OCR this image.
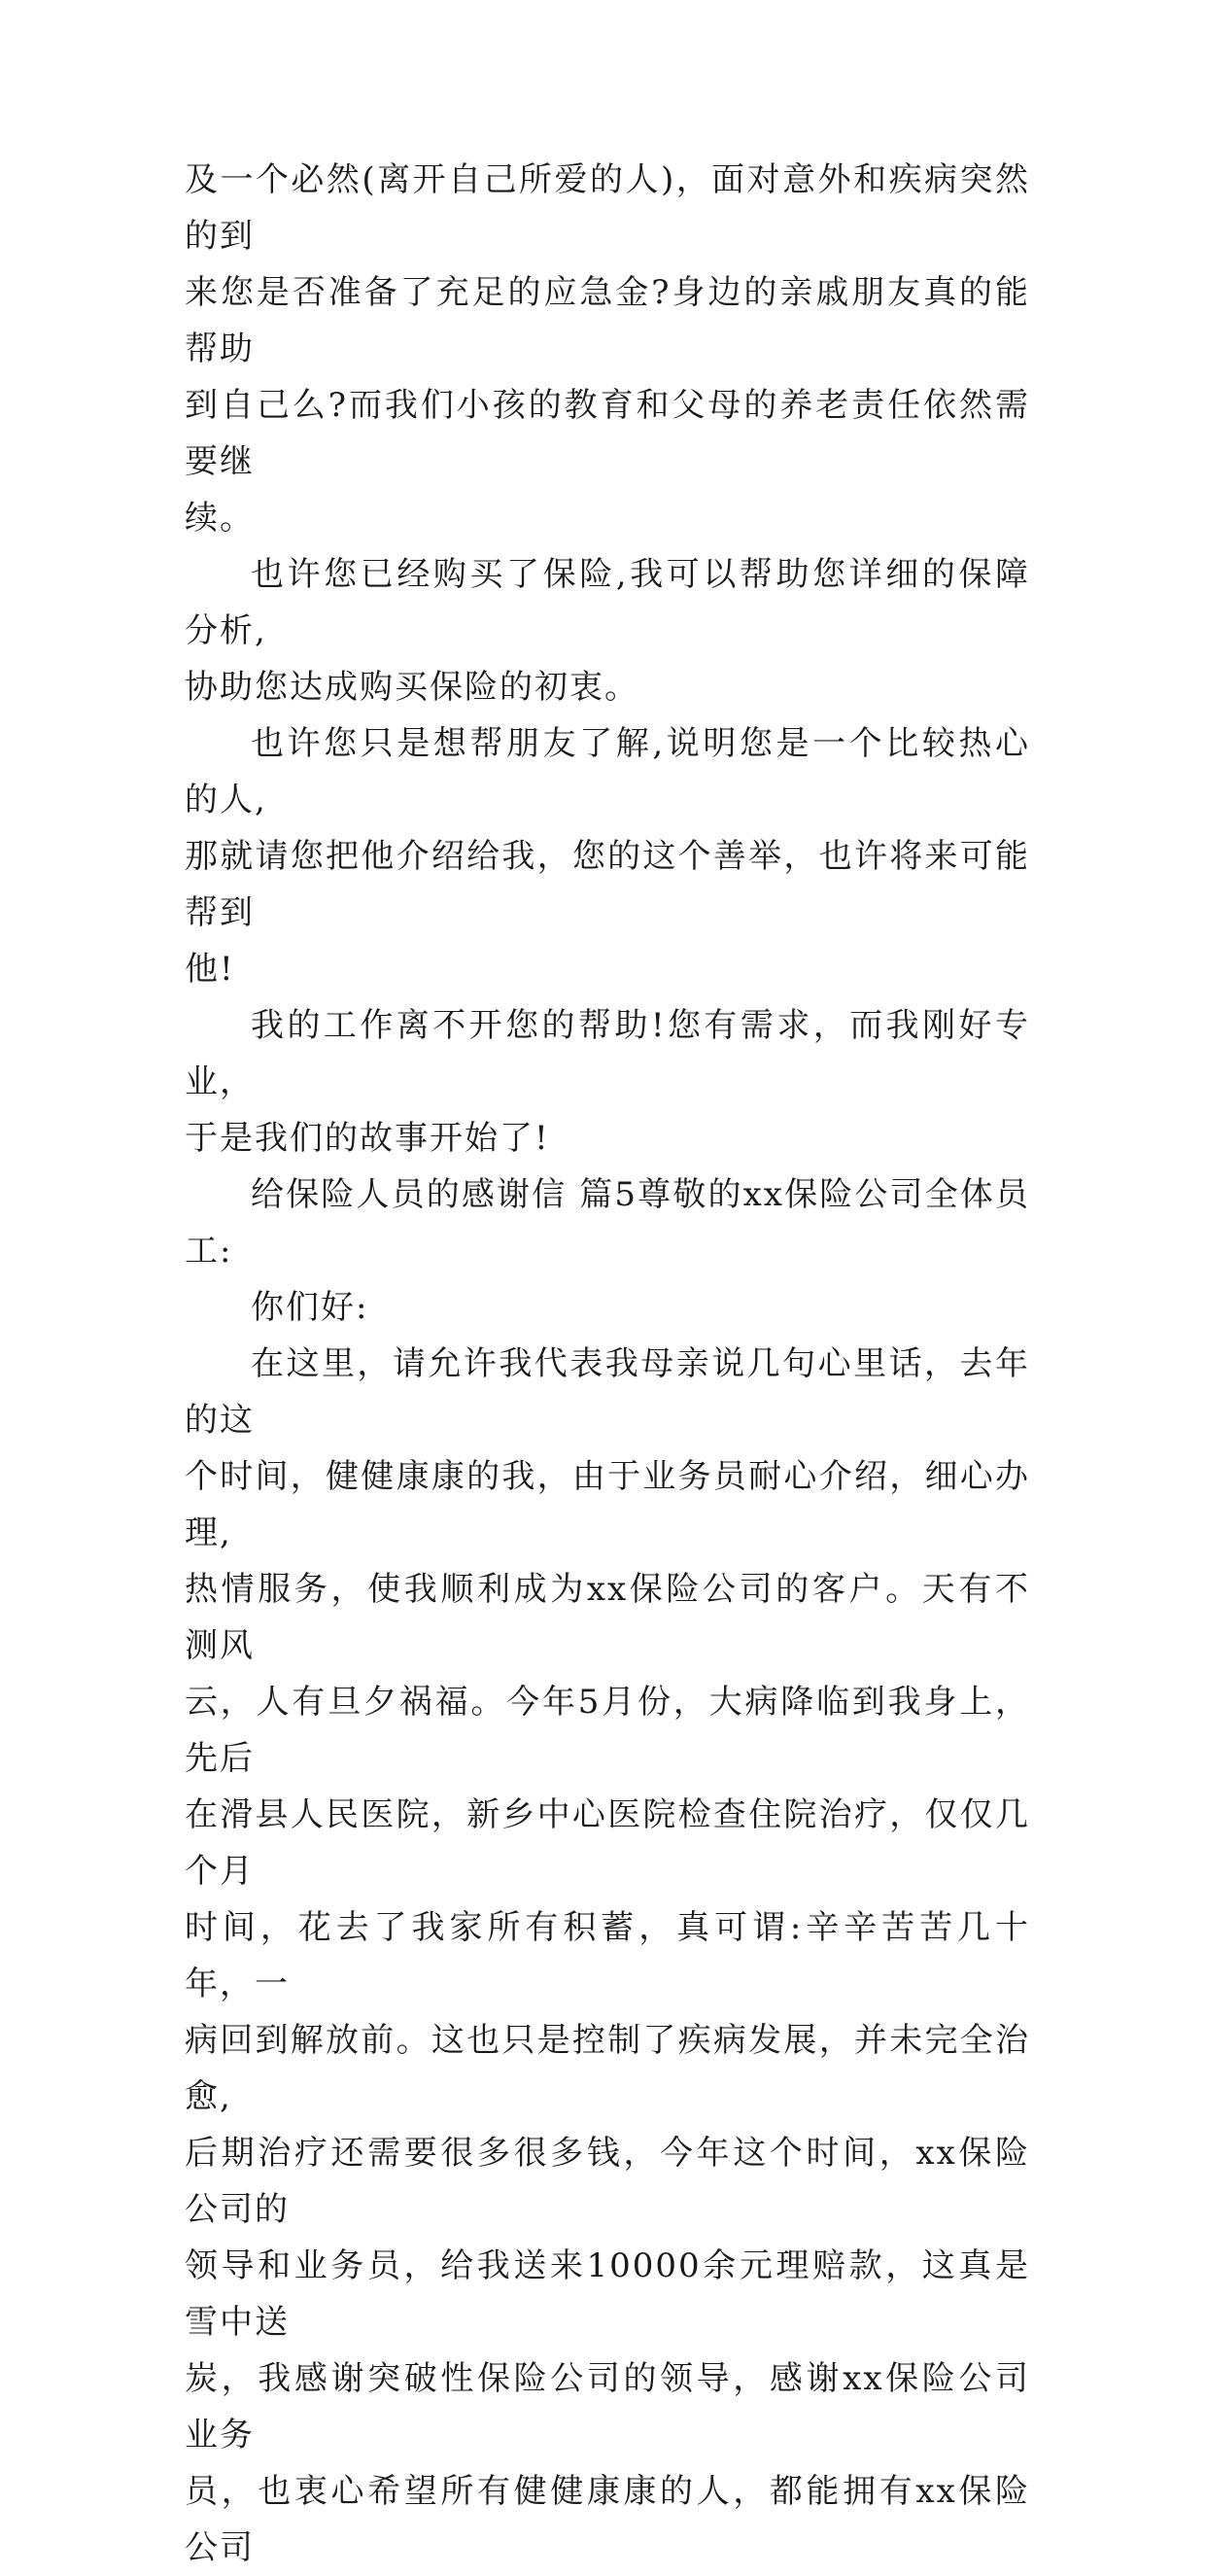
及一个必然(离开自己所爱的人)，面对意外和疾病突然的到
来您是否准备了充足的应急金?身边的亲戚朋友真的能帮助
到自己么?而我们小孩的教育和父母的养老责任依然需要继
续。

也许您已经购买了保险,我可以帮助您详细的保障分析,
协助您达成购买保险的初衷。

也许您只是想帮朋友了解,说明您是一个比较热心的人,
那就请您把他介绍给我，您的这个善举，也许将来可能帮到
他!

我的工作离不开您的帮助!您有需求，而我刚好专业，
于是我们的故事开始了!

给保险人员的感谢信 篇5尊敬的xx保险公司全体员工:

你们好:

在这里，请允许我代表我母亲说几句心里话，去年的这
个时间，健健康康的我，由于业务员耐心介绍，细心办理,
热情服务，使我顺利成为xx保险公司的客户。天有不测风
云，人有旦夕祸福。今年5月份，大病降临到我身上，先后
在滑县人民医院，新乡中心医院检查住院治疗，仅仅几个月
时间，花去了我家所有积蓄，真可谓:辛辛苦苦几十年，一
病回到解放前。这也只是控制了疾病发展，并未完全治愈,
后期治疗还需要很多很多钱，今年这个时间，xx保险公司的
领导和业务员，给我送来10000余元理赔款，这真是雪中送
炭，我感谢突破性保险公司的领导，感谢xx保险公司业务
员，也衷心希望所有健健康康的人，都能拥有xx保险公司
